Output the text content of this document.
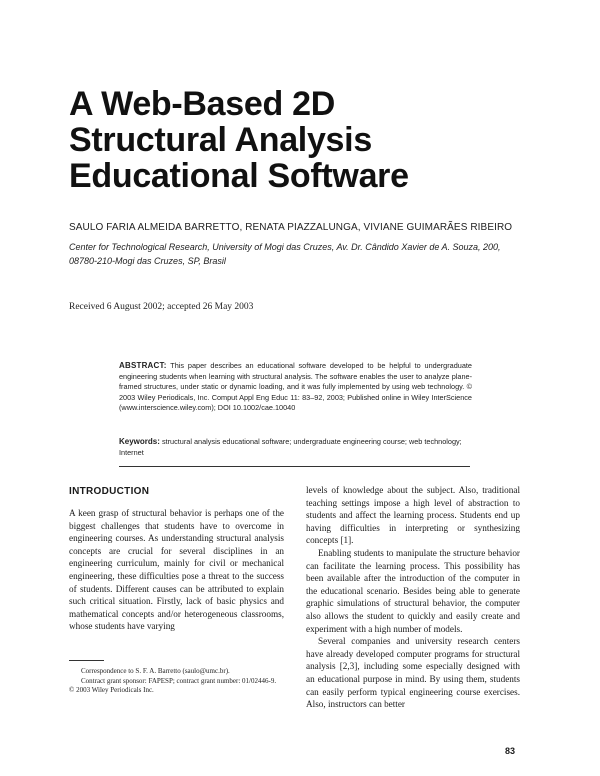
A Web-Based 2D
Structural Analysis
Educational Software
SAULO FARIA ALMEIDA BARRETTO, RENATA PIAZZALUNGA, VIVIANE GUIMARÃES RIBEIRO
Center for Technological Research, University of Mogi das Cruzes, Av. Dr. Cândido Xavier de A. Souza, 200,
08780-210-Mogi das Cruzes, SP, Brasil
Received 6 August 2002; accepted 26 May 2003
ABSTRACT: This paper describes an educational software developed to be helpful to undergraduate engineering students when learning with structural analysis. The software enables the user to analyze plane-framed structures, under static or dynamic loading, and it was fully implemented by using web technology. © 2003 Wiley Periodicals, Inc. Comput Appl Eng Educ 11: 83–92, 2003; Published online in Wiley InterScience (www.interscience.wiley.com); DOI 10.1002/cae.10040
Keywords: structural analysis educational software; undergraduate engineering course; web technology; Internet
INTRODUCTION

A keen grasp of structural behavior is perhaps one of the biggest challenges that students have to overcome in engineering courses. As understanding structural analysis concepts are crucial for several disciplines in an engineering curriculum, mainly for civil or mechanical engineering, these difficulties pose a threat to the success of students. Different causes can be attributed to explain such critical situation. Firstly, lack of basic physics and mathematical concepts and/or heterogeneous classrooms, whose students have varying

levels of knowledge about the subject. Also, traditional teaching settings impose a high level of abstraction to students and affect the learning process. Students end up having difficulties in interpreting or synthesizing concepts [1].

Enabling students to manipulate the structure behavior can facilitate the learning process. This possibility has been available after the introduction of the computer in the educational scenario. Besides being able to generate graphic simulations of structural behavior, the computer also allows the student to quickly and easily create and experiment with a high number of models.

Several companies and university research centers have already developed computer programs for structural analysis [2,3], including some especially designed with an educational purpose in mind. By using them, students can easily perform typical engineering course exercises. Also, instructors can better

Correspondence to S. F. A. Barretto (saulo@umc.br).

Contract grant sponsor: FAPESP; contract grant number: 01/02446-9.

© 2003 Wiley Periodicals Inc.

83
